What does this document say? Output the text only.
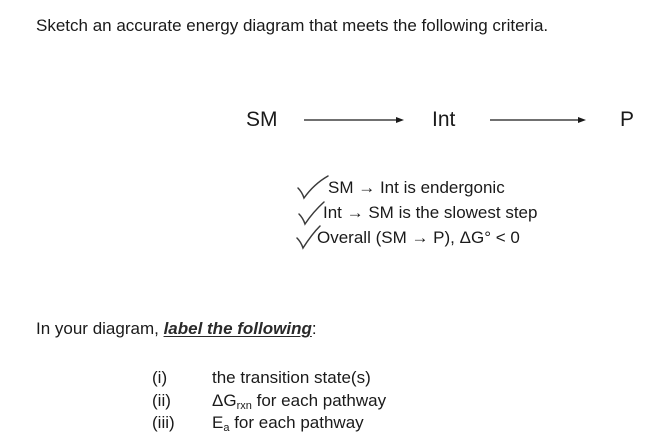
Sketch an accurate energy diagram that meets the following criteria.
SM	Int	P
SM → Int is endergonic
Int → SM is the slowest step
Overall (SM → P), ΔG° < 0
In your diagram, label the following:
(i)	the transition state(s)
(ii) $\Delta G_{rxn}$ for each pathway
(iii) $E_a$ for each pathway
